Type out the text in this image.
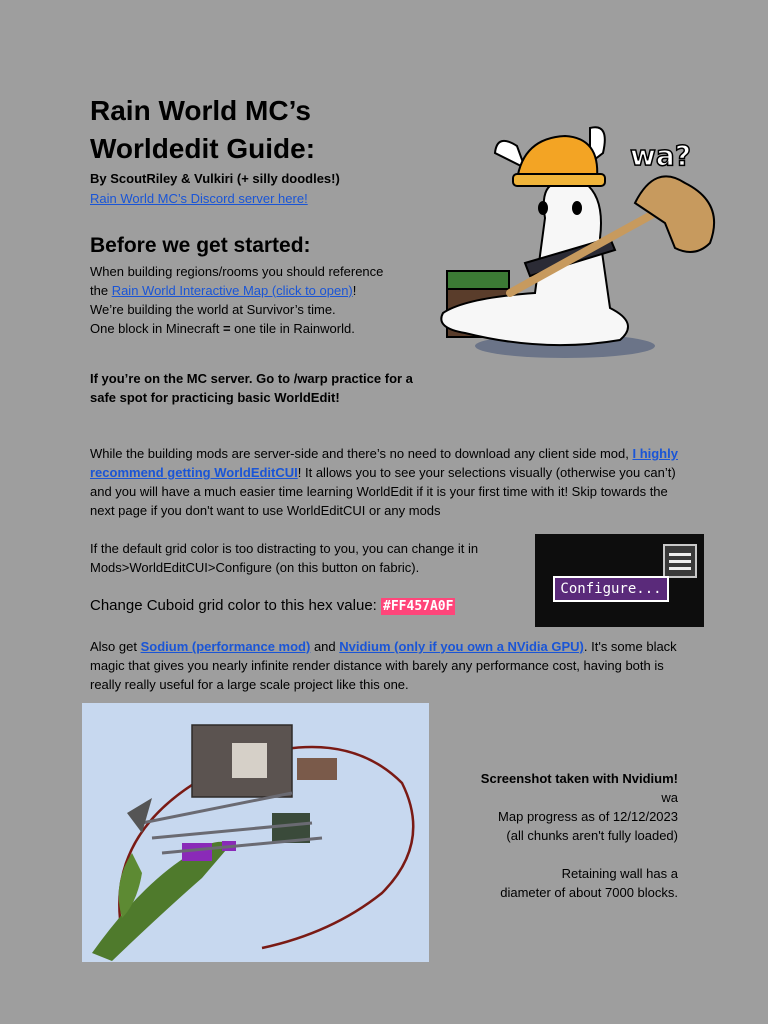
Rain World MC’s
Worldedit Guide:
By ScoutRiley & Vulkiri (+ silly doodles!)
Rain World MC’s Discord server here!
Before we get started:
When building regions/rooms you should reference
the Rain World Interactive Map (click to open)!
We’re building the world at Survivor’s time.
One block in Minecraft = one tile in Rainworld.
If you’re on the MC server. Go to /warp practice for a safe spot for practicing basic WorldEdit!
While the building mods are server-side and there’s no need to download any client side mod, I highly recommend getting WorldEditCUI! It allows you to see your selections visually (otherwise you can’t) and you will have a much easier time learning WorldEdit if it is your first time with it! Skip towards the next page if you don't want to use WorldEditCUI or any mods
If the default grid color is too distracting to you, you can change it in Mods>WorldEditCUI>Configure (on this button on fabric).
Change Cuboid grid color to this hex value: #FF457A0F
Also get Sodium (performance mod) and Nvidium (only if you own a NVidia GPU). It's some black magic that gives you nearly infinite render distance with barely any performance cost, having both is really really useful for a large scale project like this one.
Configure...
wa?
Screenshot taken with Nvidium!
wa
Map progress as of 12/12/2023
(all chunks aren't fully loaded)
Retaining wall has a
diameter of about 7000 blocks.
